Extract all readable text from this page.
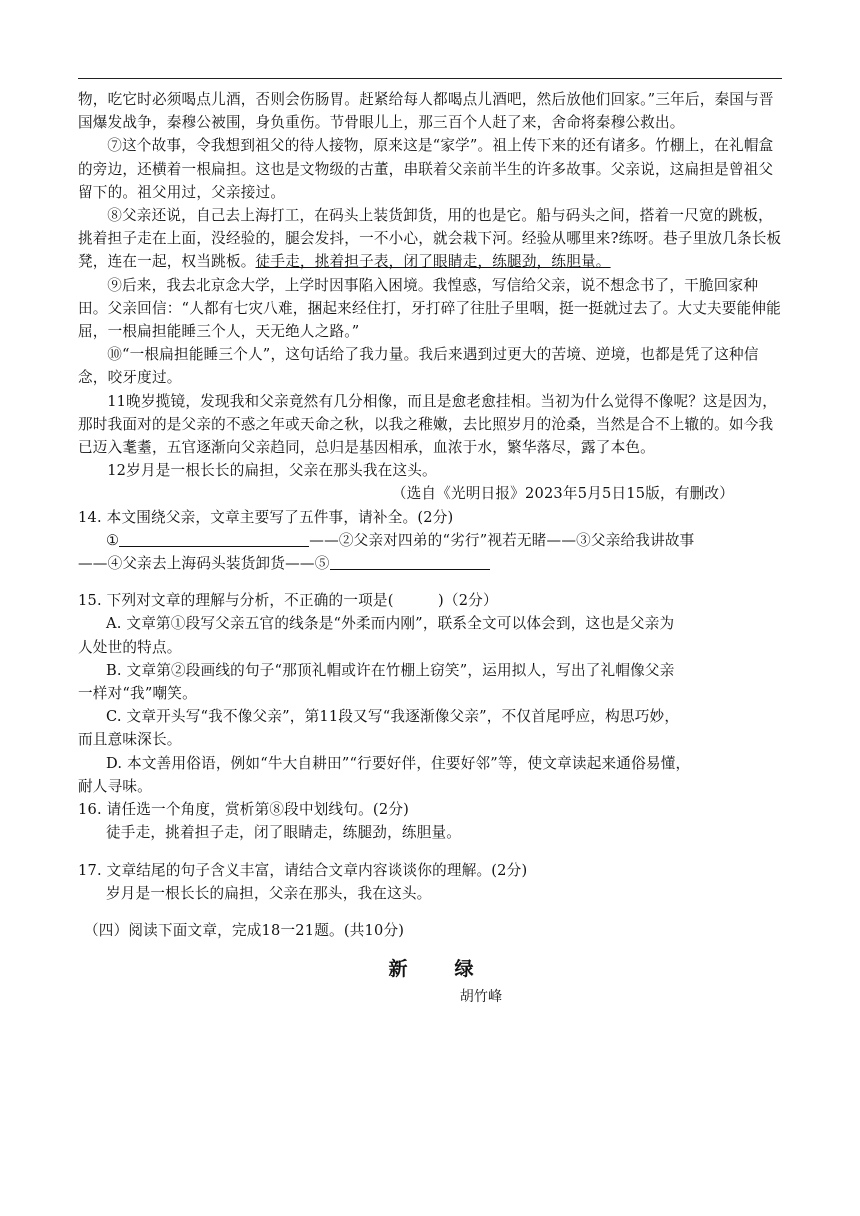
物，吃它时必须喝点儿酒，否则会伤肠胃。赶紧给每人都喝点儿酒吧，然后放他们回家。”三年后，秦国与晋国爆发战争，秦穆公被围，身负重伤。节骨眼儿上，那三百个人赶了来，舍命将秦穆公救出。

⑦这个故事，令我想到祖父的待人接物，原来这是“家学”。祖上传下来的还有诸多。竹棚上，在礼帽盒的旁边，还横着一根扁担。这也是文物级的古董，串联着父亲前半生的许多故事。父亲说，这扁担是曾祖父留下的。祖父用过，父亲接过。

⑧父亲还说，自己去上海打工，在码头上装货卸货，用的也是它。船与码头之间，搭着一尺宽的跳板，挑着担子走在上面，没经验的，腿会发抖，一不小心，就会栽下河。经验从哪里来?练呀。巷子里放几条长板凳，连在一起，权当跳板。徒手走，挑着担子表，闭了眼睛走，练腿劲，练胆量。

⑨后来，我去北京念大学，上学时因事陷入困境。我惶惑，写信给父亲，说不想念书了，干脆回家种田。父亲回信：“人都有七灾八难，捆起来经住打，牙打碎了往肚子里咽，挺一挺就过去了。大丈夫要能伸能屈，一根扁担能睡三个人，天无绝人之路。”

⑩“一根扁担能睡三个人”，这句话给了我力量。我后来遇到过更大的苦境、逆境，也都是凭了这种信念，咬牙度过。

11晚岁揽镜，发现我和父亲竟然有几分相像，而且是愈老愈挂相。当初为什么觉得不像呢？这是因为，那时我面对的是父亲的不惑之年或天命之秋，以我之稚嫩，去比照岁月的沧桑，当然是合不上辙的。如今我已迈入耄耋，五官逐渐向父亲趋同，总归是基因相承，血浓于水，繁华落尽，露了本色。

12岁月是一根长长的扁担，父亲在那头我在这头。

（选自《光明日报》2023年5月5日15版，有删改）

14. 本文围绕父亲，文章主要写了五件事，请补全。(2分)

①	——②父亲对四弟的“劣行”视若无睹——③父亲给我讲故事

——④父亲去上海码头装货卸货——⑤

15. 下列对文章的理解与分析，不正确的一项是(　　　)（2分）

A. 文章第①段写父亲五官的线条是“外柔而内刚”，联系全文可以体会到，这也是父亲为

人处世的特点。

B. 文章第②段画线的句子“那顶礼帽或许在竹棚上窃笑”，运用拟人，写出了礼帽像父亲

一样对“我”嘲笑。

C. 文章开头写“我不像父亲”，第11段又写“我逐渐像父亲”，不仅首尾呼应，构思巧妙，

而且意味深长。

D. 本文善用俗语，例如“牛大自耕田”“行要好伴，住要好邻”等，使文章读起来通俗易懂，

耐人寻味。

16. 请任选一个角度，赏析第⑧段中划线句。(2分)

徒手走，挑着担子走，闭了眼睛走，练腿劲，练胆量。

17. 文章结尾的句子含义丰富，请结合文章内容谈谈你的理解。(2分)

岁月是一根长长的扁担，父亲在那头，我在这头。

（四）阅读下面文章，完成18一21题。(共10分)

新　绿

胡竹峰
